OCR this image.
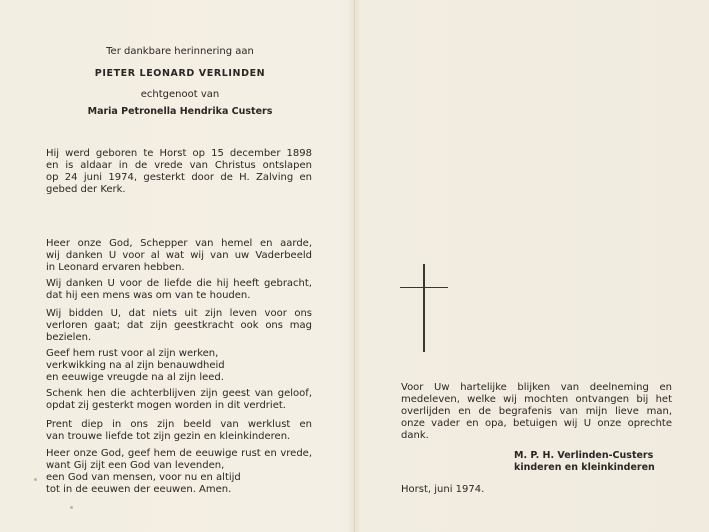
Ter dankbare herinnering aan
PIETER LEONARD VERLINDEN
echtgenoot van
Maria Petronella Hendrika Custers
Hij werd geboren te Horst op 15 december 1898
en is aldaar in de vrede van Christus ontslapen
op 24 juni 1974, gesterkt door de H. Zalving en
gebed der Kerk.
Heer onze God, Schepper van hemel en aarde,
wij danken U voor al wat wij van uw Vaderbeeld
in Leonard ervaren hebben.
Wij danken U voor de liefde die hij heeft gebracht,
dat hij een mens was om van te houden.
Wij bidden U, dat niets uit zijn leven voor ons
verloren gaat; dat zijn geestkracht ook ons mag
bezielen.
Geef hem rust voor al zijn werken,
verkwikking na al zijn benauwdheid
en eeuwige vreugde na al zijn leed.
Schenk hen die achterblijven zijn geest van geloof,
opdat zij gesterkt mogen worden in dit verdriet.
Prent diep in ons zijn beeld van werklust en
van trouwe liefde tot zijn gezin en kleinkinderen.
Heer onze God, geef hem de eeuwige rust en vrede,
want Gij zijt een God van levenden,
een God van mensen, voor nu en altijd
tot in de eeuwen der eeuwen. Amen.
Voor Uw hartelijke blijken van deelneming en
medeleven, welke wij mochten ontvangen bij het
overlijden en de begrafenis van mijn lieve man,
onze vader en opa, betuigen wij U onze oprechte
dank.
M. P. H. Verlinden-Custers
kinderen en kleinkinderen
Horst, juni 1974.
